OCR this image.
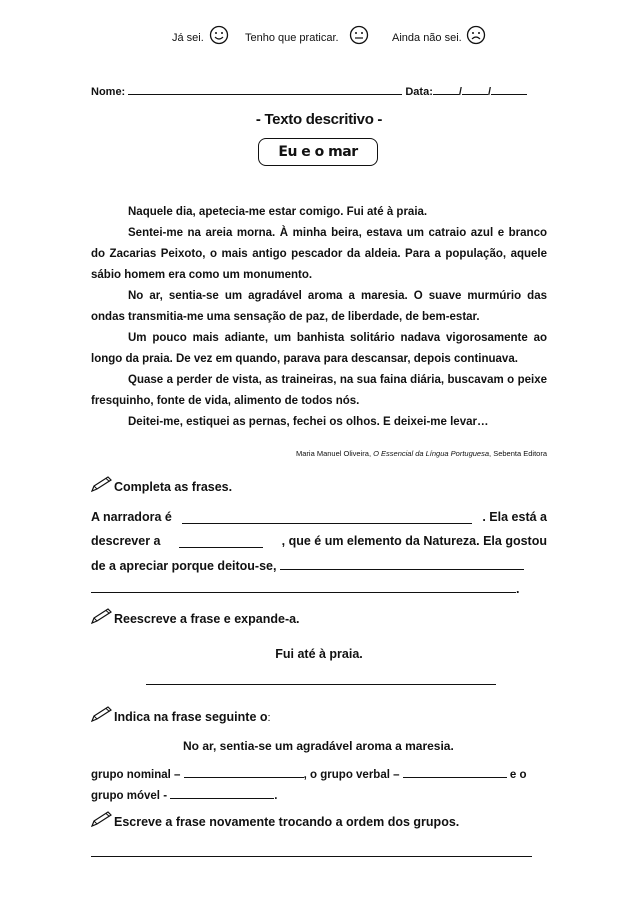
Já sei.	Tenho que praticar.	Ainda não sei.
Nome:	Data: / /
- Texto descritivo -
Eu e o mar
Naquele dia, apetecia-me estar comigo. Fui até à praia.
Sentei-me na areia morna. À minha beira, estava um catraio azul e branco do Zacarias Peixoto, o mais antigo pescador da aldeia. Para a população, aquele sábio homem era como um monumento.
No ar, sentia-se um agradável aroma a maresia. O suave murmúrio das ondas transmitia-me uma sensação de paz, de liberdade, de bem-estar.
Um pouco mais adiante, um banhista solitário nadava vigorosamente ao longo da praia. De vez em quando, parava para descansar, depois continuava.
Quase a perder de vista, as traineiras, na sua faina diária, buscavam o peixe fresquinho, fonte de vida, alimento de todos nós.
Deitei-me, estiquei as pernas, fechei os olhos. E deixei-me levar…
Maria Manuel Oliveira, O Essencial da Língua Portuguesa, Sebenta Editora
Completa as frases.
A narradora é	. Ela está a
descrever a	, que é um elemento da Natureza. Ela gostou
de a apreciar porque deitou-se,
.
Reescreve a frase e expande-a.
Fui até à praia.
Indica na frase seguinte o:
No ar, sentia-se um agradável aroma a maresia.
grupo nominal –	, o grupo verbal –	e o
grupo móvel -	.
Escreve a frase novamente trocando a ordem dos grupos.
